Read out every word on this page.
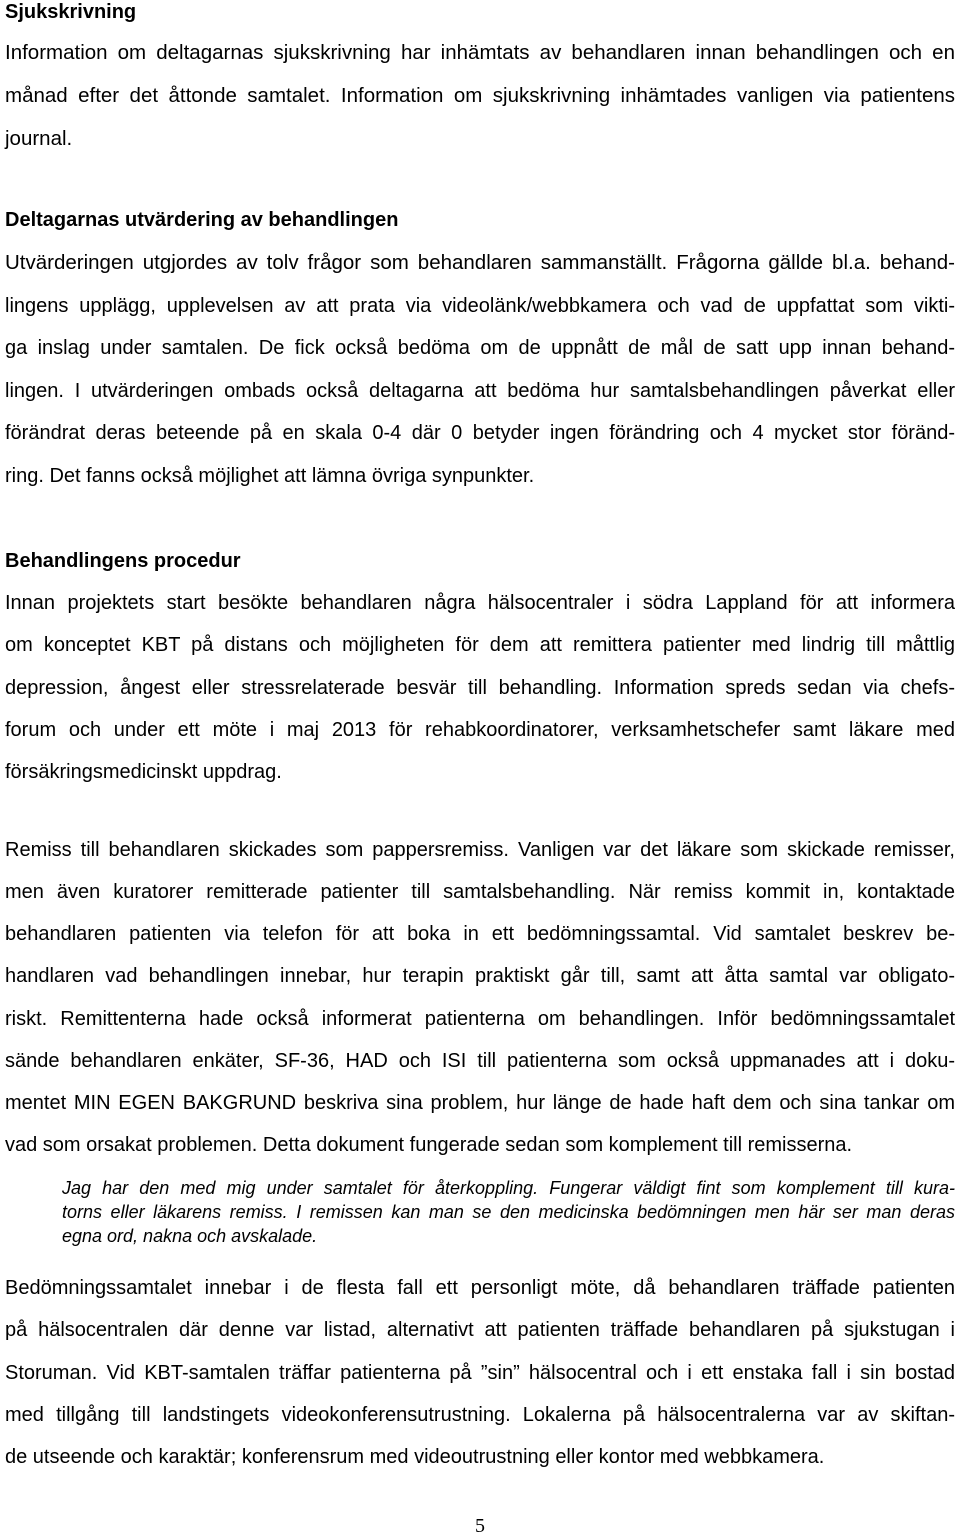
Sjukskrivning
Information om deltagarnas sjukskrivning har inhämtats av behandlaren innan behandlingen och en
månad efter det åttonde samtalet. Information om sjukskrivning inhämtades vanligen via patientens
journal.
Deltagarnas utvärdering av behandlingen
Utvärderingen utgjordes av tolv frågor som behandlaren sammanställt. Frågorna gällde bl.a. behand-
lingens upplägg, upplevelsen av att prata via videolänk/webbkamera och vad de uppfattat som vikti-
ga inslag under samtalen. De fick också bedöma om de uppnått de mål de satt upp innan behand-
lingen. I utvärderingen ombads också deltagarna att bedöma hur samtalsbehandlingen påverkat eller
förändrat deras beteende på en skala 0-4 där 0 betyder ingen förändring och 4 mycket stor föränd-
ring. Det fanns också möjlighet att lämna övriga synpunkter.
Behandlingens procedur
Innan projektets start besökte behandlaren några hälsocentraler i södra Lappland för att informera
om konceptet KBT på distans och möjligheten för dem att remittera patienter med lindrig till måttlig
depression, ångest eller stressrelaterade besvär till behandling. Information spreds sedan via chefs-
forum och under ett möte i maj 2013 för rehabkoordinatorer, verksamhetschefer samt läkare med
försäkringsmedicinskt uppdrag.
Remiss till behandlaren skickades som pappersremiss. Vanligen var det läkare som skickade remisser,
men även kuratorer remitterade patienter till samtalsbehandling. När remiss kommit in, kontaktade
behandlaren patienten via telefon för att boka in ett bedömningssamtal. Vid samtalet beskrev be-
handlaren vad behandlingen innebar, hur terapin praktiskt går till, samt att åtta samtal var obligato-
riskt. Remittenterna hade också informerat patienterna om behandlingen. Inför bedömningssamtalet
sände behandlaren enkäter, SF-36, HAD och ISI till patienterna som också uppmanades att i doku-
mentet MIN EGEN BAKGRUND beskriva sina problem, hur länge de hade haft dem och sina tankar om
vad som orsakat problemen. Detta dokument fungerade sedan som komplement till remisserna.
Jag har den med mig under samtalet för återkoppling. Fungerar väldigt fint som komplement till kura-
torns eller läkarens remiss. I remissen kan man se den medicinska bedömningen men här ser man deras
egna ord, nakna och avskalade.
Bedömningssamtalet innebar i de flesta fall ett personligt möte, då behandlaren träffade patienten
på hälsocentralen där denne var listad, alternativt att patienten träffade behandlaren på sjukstugan i
Storuman. Vid KBT-samtalen träffar patienterna på ”sin” hälsocentral och i ett enstaka fall i sin bostad
med tillgång till landstingets videokonferensutrustning. Lokalerna på hälsocentralerna var av skiftan-
de utseende och karaktär; konferensrum med videoutrustning eller kontor med webbkamera.
5
